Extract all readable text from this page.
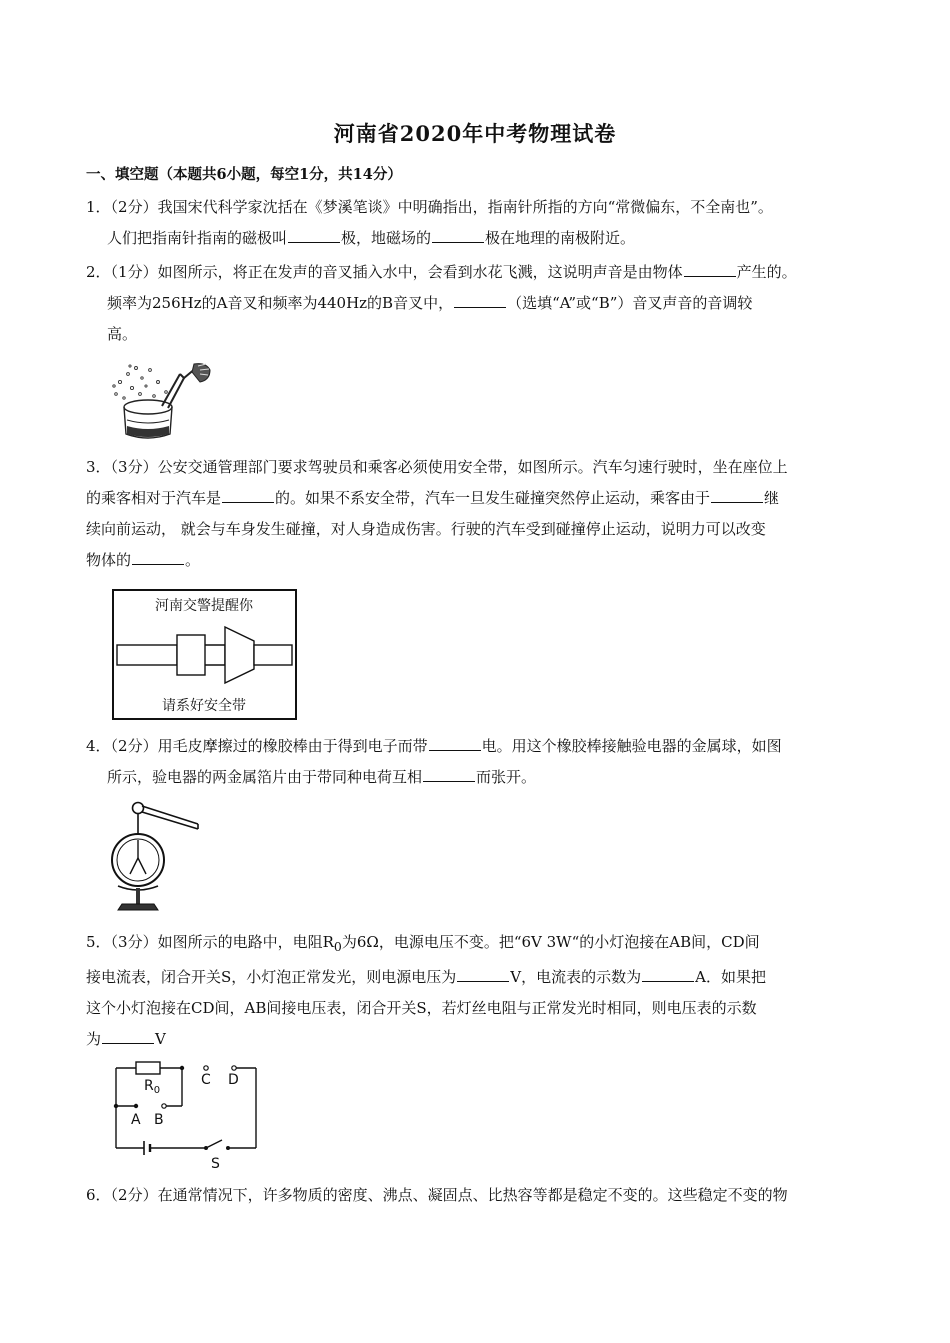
河南省2020年中考物理试卷
一、填空题（本题共6小题，每空1分，共14分）

1．（2分）我国宋代科学家沈括在《梦溪笔谈》中明确指出，指南针所指的方向“常微偏东，不全南也”。

人们把指南针指南的磁极叫	极，地磁场的	极在地理的南极附近。

2．（1分）如图所示，将正在发声的音叉插入水中，会看到水花飞溅，这说明声音是由物体	产生的。

频率为256Hz的A音叉和频率为440Hz的B音叉中，	（选填“A”或“B”）音叉声音的音调较

高。

3．（3分）公安交通管理部门要求驾驶员和乘客必须使用安全带，如图所示。汽车匀速行驶时，坐在座位上

的乘客相对于汽车是	的。如果不系安全带，汽车一旦发生碰撞突然停止运动，乘客由于	继

续向前运动， 就会与车身发生碰撞，对人身造成伤害。行驶的汽车受到碰撞停止运动，说明力可以改变

物体的	。

河南交警提醒你
请系好安全带

4．（2分）用毛皮摩擦过的橡胶棒由于得到电子而带	电。用这个橡胶棒接触验电器的金属球，如图

所示，验电器的两金属箔片由于带同种电荷互相	而张开。

5．（3分）如图所示的电路中，电阻$R_0$为6Ω，电源电压不变。把“6V 3W“的小灯泡接在AB间，CD间

接电流表，闭合开关S，小灯泡正常发光，则电源电压为	V，电流表的示数为	A．如果把

这个小灯泡接在CD间，AB间接电压表，闭合开关S，若灯丝电阻与正常发光时相同，则电压表的示数

为	V

$R_0$
C D
A B
S

6．（2分）在通常情况下，许多物质的密度、沸点、凝固点、比热容等都是稳定不变的。这些稳定不变的物
